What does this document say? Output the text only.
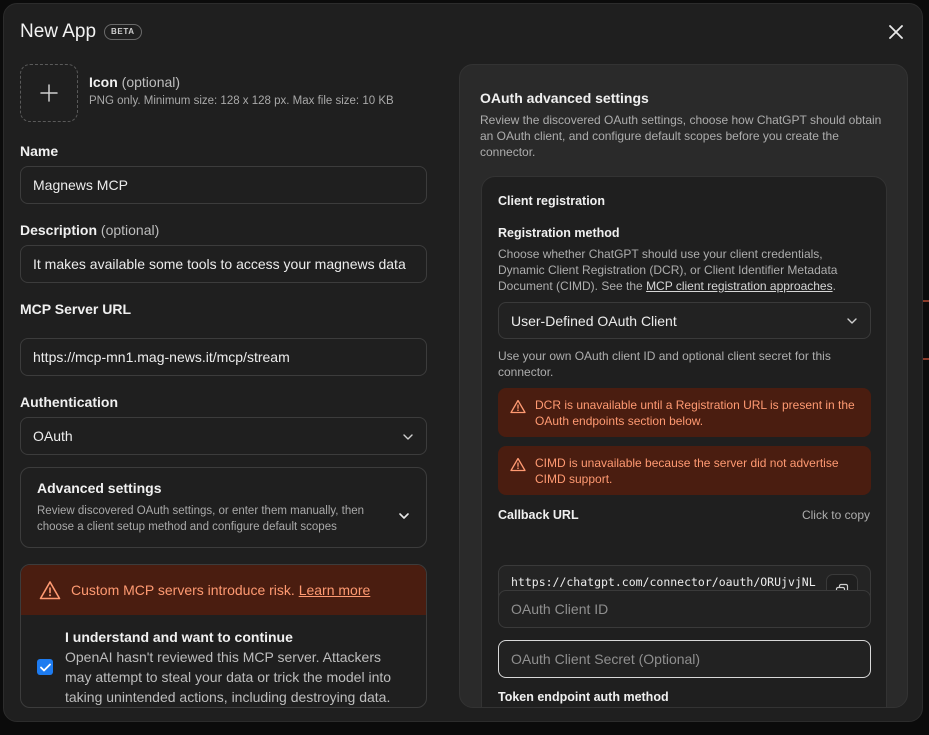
New App	BETA
Icon (optional)
PNG only. Minimum size: 128 x 128 px. Max file size: 10 KB
Name
Magnews MCP
Description (optional)
It makes available some tools to access your magnews data
MCP Server URL
https://mcp-mn1.mag-news.it/mcp/stream
Authentication
OAuth
Advanced settings
Review discovered OAuth settings, or enter them manually, then choose a client setup method and configure default scopes
Custom MCP servers introduce risk. Learn more
I understand and want to continue
OpenAI hasn't reviewed this MCP server. Attackers may attempt to steal your data or trick the model into taking unintended actions, including destroying data.
OAuth advanced settings
Review the discovered OAuth settings, choose how ChatGPT should obtain an OAuth client, and configure default scopes before you create the connector.
Client registration
Registration method
Choose whether ChatGPT should use your client credentials, Dynamic Client Registration (DCR), or Client Identifier Metadata Document (CIMD). See the MCP client registration approaches.
User-Defined OAuth Client
Use your own OAuth client ID and optional client secret for this connector.
DCR is unavailable until a Registration URL is present in the OAuth endpoints section below.
CIMD is unavailable because the server did not advertise CIMD support.
Callback URL	Click to copy
https://chatgpt.com/connector/oauth/ORUjvjNL
OAuth Client ID
OAuth Client Secret (Optional)
Token endpoint auth method
